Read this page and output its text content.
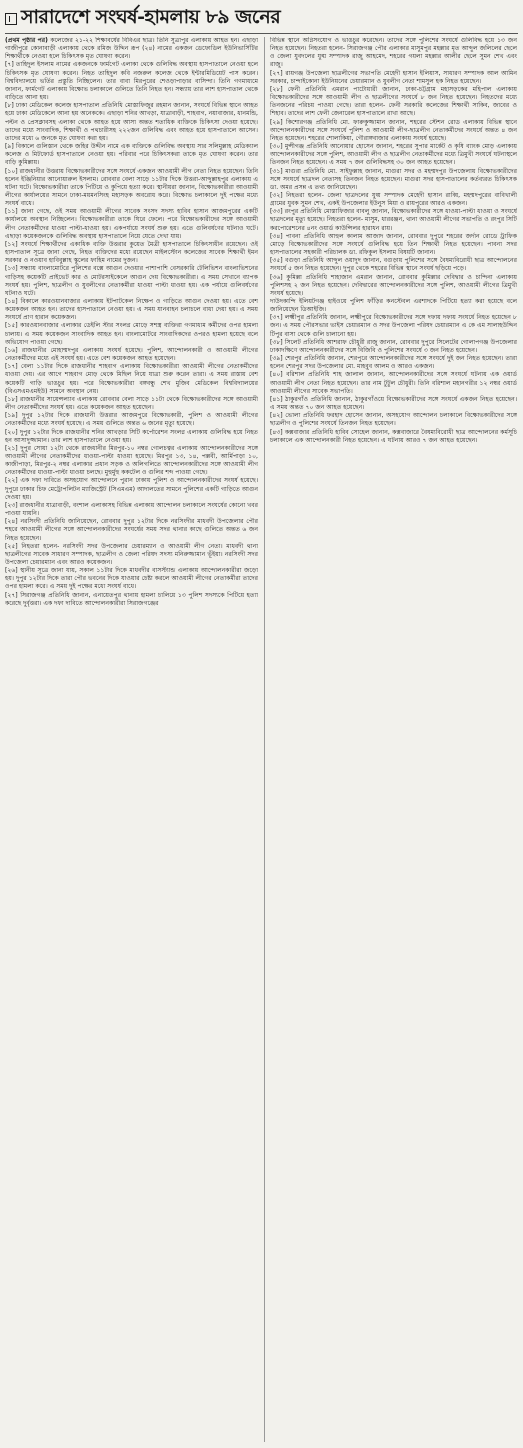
সারাদেশে সংঘর্ষ-হামলায় ৮৯ জনের

(প্রথম পৃষ্ঠার পর) কলেজের ২১-২২ শিক্ষাবর্ষের বিবিএর ছাত্র। তিনি সুত্রাপুর এলাকায় আহত হন। এছাড়া গাজীপুরে কোনাবাড়ী এলাকায় থেকে রমিজ উদ্দিন রূপ (২৪) নামের একজন ডেফোডিল ইউনিভার্সিটির শিক্ষার্থীকে নেওয়া হলে চিকিৎসক মৃত ঘোষণা করেন।

[৭] তাহিদুল ইসলাম নামের একজনকে ফার্মগেট এলাকা থেকে গুলিবিদ্ধ অবস্থায় হাসপাতালে নেওয়া হলে চিকিৎসক মৃত ঘোষণা করেন। নিহত তাহিদুল কবি নজরুল কলেজ থেকে ইন্টারমিডিয়েট পাস করেন। বিশ্ববিদ্যালয়ে ভর্তির প্রস্তুতি নিচ্ছিলেন। তার বাবা মিরপুরের শেওড়াপাড়ার বাসিন্দা। তিনি গণমাধ্যমে জানান, ফার্মগেট এলাকায় বিক্ষোভ চলাকালে গুলিতে তিনি নিহত হন। সন্ধ্যায় তার লাশ হাসপাতাল থেকে বাড়িতে আনা হয়।

[৮] ঢাকা মেডিকেল কলেজ হাসপাতাল প্রতিনিধি মোস্তাফিজুর রহমান জানান, সংঘর্ষে বিভিন্ন স্থানে আহত হয়ে ঢাকা মেডিকেলে আনা হয় অনেককে। এছাড়া শনির আখড়া, যাত্রাবাড়ী, শাহবাগ, নয়াবাজার, ধানমন্ডি, পল্টন ও প্রেসক্লাবসহ এলাকা থেকে আহত হয়ে আসা অন্তত শতাধিক ব্যক্তিকে চিকিৎসা দেওয়া হয়েছে। তাদের মধ্যে সাংবাদিক, শিক্ষার্থী ও পথচারীসহ ২২২জন গুলিবিদ্ধ এবং আহত হয়ে হাসপাতালে আসেন। তাদের মধ্যে ৬ জনকে মৃত ঘোষণা করা হয়।

[৯] বিকালে গুলিস্তান থেকে জহির উদ্দীন নামে এক ব্যক্তিকে গুলিবিদ্ধ অবস্থায় সার সলিমুল্লাহ মেডিক্যাল কলেজ ও মিটফোর্ড হাসপাতালে নেওয়া হয়। পরিবার পরে চিকিৎসকরা তাকে মৃত ঘোষণা করেন। তার বাড়ি কুমিল্লায়।

[১০] রাজধানীর উত্তরায় বিক্ষোভকারীদের সঙ্গে সংঘর্ষে একজন আওয়ামী লীগ নেতা নিহত হয়েছেন। তিনি হলেন ইঞ্জিনিয়ার আনোয়ারুল ইসলাম। রোববার বেলা সাড়ে ১১টার দিকে উত্তরা-আব্দুল্লাহপুর এলাকায় এ ঘটনা ঘটে। বিক্ষোভকারীরা তাকে পিটিয়ে ও কুপিয়ে হত্যা করে। স্থানীয়রা জানান, বিক্ষোভকারীরা আওয়ামী লীগের কার্যালয়ের সামনে ঢাকা-ময়মনসিংহ মহাসড়ক অবরোধ করে। বিক্ষোভ চলাকালে দুই পক্ষের মধ্যে সংঘর্ষ বাধে।

[১১] জানা গেছে, ওই সময় আওয়ামী লীগের সাবেক সংসদ সদস্য হাবিব হাসান আজমপুরের একটি কার্যালয়ে অবস্থান নিচ্ছিলেন। বিক্ষোভকারীরা তাকে ঘিরে ফেলে। পরে বিক্ষোভকারীদের সঙ্গে আওয়ামী লীগ নেতাকর্মীদের ধাওয়া পাল্টা-ধাওয়া হয়। একপর্যায়ে সংঘর্ষ শুরু হয়। এতে গুলিবর্ষণের ঘটনাও ঘটে। এছাড়া কয়েকজনকে গুলিবিদ্ধ অবস্থায় হাসপাতালে নিয়ে যেতে দেখা যায়।

[১২] সংঘর্ষে শিক্ষার্থীদের একাধিক ব্যক্তি উত্তরার কুয়েত মৈত্রী হাসপাতালে চিকিৎসাধীন রয়েছেন। ওই হাসপাতাল সূত্রে জানা গেছে, নিহত ব্যক্তিদের মধ্যে রয়েছেন মাইলস্টোন কলেজের সাবেক শিক্ষার্থী ইমন সরকার ও নওয়াব হাবিবুল্লাহ স্কুলের ফাহিম নামের দুজন।

[১৩] সন্ধ্যায় বাংলামোটরে পুলিশের বক্সে আগুন দেওয়ার পাশাপাশি বেসরকারি টেলিভিশন বাংলাভিশনের গাড়িসহ কয়েকটি প্রাইভেট কার ও মোটরসাইকেলে আগুন দেয় বিক্ষোভকারীরা। এ সময় সেখানে ব্যাপক সংঘর্ষ হয়। পুলিশ, ছাত্রলীগ ও যুবলীগের নেতাকর্মীরা ধাওয়া পাল্টা ধাওয়া হয়। এক পর্যায়ে গুলিবর্ষণের ঘটনাও ঘটে।

[১৪] বিকালে কারওয়ানবাজার এলাকায় ইটপাটকেল নিক্ষেপ ও গাড়িতে আগুন দেওয়া হয়। এতে বেশ কয়েকজন আহত হন। তাদের হাসপাতালে নেওয়া হয়। এ সময় যানবাহন চলাচলে বাধা দেয়া হয়। এ সময় সংঘর্ষে প্রাণ হারান কয়েকজন।

[১৫] কারওয়ানবাজার এলাকার ডেইলি স্টার সংলগ্ন মোড়ে সশস্ত্র ব্যক্তিরা গণমাধ্যম কর্মীদের ওপর হামলা চালায়। এ সময় কয়েকজন সাংবাদিক আহত হন। বাংলামোটরে সাংবাদিকদের ওপরও হামলা হয়েছে বলে অভিযোগ পাওয়া গেছে।

[১৬] রাজধানীর মোহাম্মদপুর এলাকায় সংঘর্ষ হয়েছে। পুলিশ, আন্দোলনকারী ও আওয়ামী লীগের নেতাকর্মীদের মধ্যে এই সংঘর্ষ হয়। এতে বেশ কয়েকজন আহত হয়েছেন।

[১৭] বেলা ১১টার দিকে রাজধানীর শাহবাগ এলাকায় বিক্ষোভকারীরা আওয়ামী লীগের নেতাকর্মীদের ধাওয়া দেয়। এর আগে শাহবাগ মোড় থেকে মিছিল নিয়ে যাত্রা শুরু করেন তারা। এ সময় রাস্তায় বেশ কয়েকটি গাড়ি ভাঙচুর হয়। পরে বিক্ষোভকারীরা বঙ্গবন্ধু শেখ মুজিব মেডিকেল বিশ্ববিদ্যালয়ের (বিএসএমএমইউ) সামনে অবস্থান নেয়।

[১৮] রাজধানীর সায়েন্সল্যাব এলাকায় রোববার বেলা সাড়ে ১১টা থেকে বিক্ষোভকারীদের সঙ্গে আওয়ামী লীগ নেতাকর্মীদের সংঘর্ষ হয়। এতে কয়েকজন আহত হয়েছেন।

[১৯] দুপুর ১২টার দিকে রাজধানী উত্তরার আজমপুরে বিক্ষোভকারী, পুলিশ ও আওয়ামী লীগের নেতাকর্মীদের মধ্যে সংঘর্ষ হয়েছে। এ সময় গুলিতে অন্তত ৬ জনের মৃত্যু হয়েছে।

[২০] দুপুর ১২টার দিকে রাজধানীর শনির আখড়ার সিটি কর্পোরেশন সংলগ্ন এলাকায় গুলিবিদ্ধ হয়ে নিহত হন আসাদুজ্জামান। তার লাশ হাসপাতালে নেওয়া হয়।

[২১] দুপুর সোয়া ১২টা থেকে রাজধানীর মিরপুর-১০ নম্বর গোলচত্বর এলাকায় আন্দোলনকারীদের সঙ্গে আওয়ামী লীগের নেতাকর্মীদের ধাওয়া-পাল্টা ধাওয়া হয়েছে। মিরপুর ১৩, ১৪, পল্লবী, আর্মিপাড়া ১০, কাজীপাড়া, মিরপুর-২ নম্বর এলাকার প্রধান সড়ক ও অলিগলিতে আন্দোলনকারীদের সঙ্গে আওয়ামী লীগ নেতাকর্মীদের ধাওয়া-পাল্টা ধাওয়া চলছে। মুহুর্মুহু ককটেল ও গুলির শব্দ পাওয়া গেছে।

[২২] এক দফা দাবিতে অসহযোগ আন্দোলনে পুরান ঢাকায় পুলিশ ও আন্দোলনকারীদের সংঘর্ষ হয়েছে। দুপুরে ঢাকার চিফ মেট্রোপলিটন ম্যাজিস্ট্রেট (সিএমএম) আদালতের সামনে পুলিশের একটি গাড়িতে আগুন দেওয়া হয়।

[২৩] রাজধানীর যাত্রাবাড়ী, বংশাল এলাকাসহ বিভিন্ন এলাকায় আন্দোলন চলাকালে সংঘর্ষের কোনো খবর পাওয়া যায়নি।

[২৪] নরসিংদী প্রতিনিধি জানিয়েছেন, রোববার দুপুর ১২টার দিকে নরসিংদীর মাধবদী উপজেলার পৌর শহরে আওয়ামী লীগের সঙ্গে আন্দোলনকারীদের সংঘর্ষের সময় সদর থানার কাছে গুলিতে অন্তত ৬ জন নিহত হয়েছেন।

[২৫] নিহতরা হলেন- নরসিংদী সদর উপজেলার চেয়ারম্যান ও আওয়ামী লীগ নেতা। মাধবদী থানা ছাত্রলীগের সাবেক সাধারণ সম্পাদক, ছাত্রলীগ ও জেলা পরিষদ সদস্য মনিরুজ্জামান ভূঁইয়া। নরসিংদী সদর উপজেলা চেয়ারম্যান এবং আরও কয়েকজন।

[২৬] স্থানীয় সূত্রে জানা যায়, সকাল ১১টার দিকে মাধবদীর বাসস্ট্যান্ড এলাকায় আন্দোলনকারীরা জড়ো হয়। দুপুর ১২টার দিকে তারা পৌর ভবনের দিকে যাওয়ার চেষ্টা করলে আওয়ামী লীগের নেতাকর্মীরা তাদের ওপর হামলা করে। এ সময় দুই পক্ষের মধ্যে সংঘর্ষ বাধে।

[২৭] সিরাজগঞ্জ প্রতিনিধি জানান, এনায়েতপুর থানায় হামলা চালিয়ে ১৩ পুলিশ সদস্যকে পিটিয়ে হত্যা করেছে দুর্বৃত্তরা। এক দফা দাবিতে আন্দোলনকারীরা সিরাজগঞ্জের

বিভিন্ন স্থানে অগ্নিসংযোগ ও ভাঙচুর করেছেন। তাদের সঙ্গে পুলিশের সংঘর্ষে গুলিবিদ্ধ হয়ে ১৩ জন নিহত হয়েছেন। নিহতরা হলেন- সিরাজগঞ্জ পৌর এলাকার মাসুমপুর মহল্লার মৃত আব্দুল জলিলের ছেলে ও জেলা যুবদলের যুগ্ম সম্পাদক রাজু আহমেদ, শহরের গয়লা মহল্লার আলীর ছেলে সুমন শেখ এবং রাজু।

[২৭] রায়গঞ্জ উপজেলা ছাত্রলীগের সভাপতি মেহেদী হাসান ইলিয়াস, সাধারণ সম্পাদক আল আমিন সরকার, চান্দাইকোনা ইউনিয়নের চেয়ারম্যান ও যুবলীগ নেতা শামসুল হক নিহত হয়েছেন।

[২৮] ফেনী প্রতিনিধি এমরান পাটোয়ারী জানান, ঢাকা-চট্টগ্রাম মহাসড়কের মহিপাল এলাকায় বিক্ষোভকারীদের সঙ্গে আওয়ামী লীগ ও ছাত্রলীগের সংঘর্ষে ৮ জন নিহত হয়েছেন। নিহতদের মধ্যে তিনজনের পরিচয় পাওয়া গেছে। তারা হলেন- ফেনী সরকারি কলেজের শিক্ষার্থী সাকিব, জাবের ও শিহাব। তাদের লাশ ফেনী জেনারেল হাসপাতালে রাখা আছে।

[২৯] কিশোরগঞ্জ প্রতিনিধি মো. ফারুকুজ্জামান জানান, শহরের স্টেশন রোড এলাকায় বিভিন্ন স্থানে আন্দোলনকারীদের সঙ্গে সংঘর্ষে পুলিশ ও আওয়ামী লীগ-ছাত্রলীগ নেতাকর্মীদের সংঘর্ষে অন্তত ৪ জন নিহত হয়েছেন। শহরের শোলাকিয়া, গৌরাঙ্গবাজার এলাকায় সংঘর্ষ হয়েছে।

[৩০] মুন্সীগঞ্জ প্রতিনিধি আনোয়ার হোসেন জানান, শহরের সুপার মার্কেট ও কৃষি ব্যাংক মোড় এলাকায় আন্দোলনকারীদের সঙ্গে পুলিশ, আওয়ামী লীগ ও ছাত্রলীগ নেতাকর্মীদের মধ্যে ত্রিমুখী সংঘর্ষে ঘটনাস্থলে তিনজন নিহত হয়েছেন। এ সময় ৭ জন গুলিবিদ্ধসহ ৩০ জন আহত হয়েছেন।

[৩১] মাগুরা প্রতিনিধি মো. সাইফুল্লাহ জানান, মাগুরা সদর ও মহম্মদপুর উপজেলায় বিক্ষোভকারীদের সঙ্গে সংঘর্ষে ছাত্রদল নেতাসহ তিনজন নিহত হয়েছেন। মাগুরা সদর হাসপাতালের কর্তব্যরত চিকিৎসক ডা. অমর প্রসন্ন এ তথ্য জানিয়েছেন।

[৩২] নিহতরা হলেন- জেলা ছাত্রদলের যুগ্ম সম্পাদক মেহেদী হাসান রাব্বি, মহম্মদপুরের বাবিখালী গ্রামের যুবক সুমন শেখ, একই উপজেলার ইউনুস মিয়া ও রায়পুরের আরও একজন।

[৩৩] রংপুর প্রতিনিধি মোস্তাফিজার বাবলু জানান, বিক্ষোভকারীদের সঙ্গে ধাওয়া-পাল্টা ধাওয়া ও সংঘর্ষে ছাত্রদলের মৃত্যু হয়েছে। নিহতরা হলেন- মাসুম, ধাররঞ্জন, থানা আওয়ামী লীগের সভাপতি ও রংপুর সিটি করপোরেশনের ৪নং ওয়ার্ড কাউন্সিলর হারাধন রায়।

[৩৪] পাবনা প্রতিনিধি আহুল কালাম আজাদ জানান, রোববার দুপুরে শহরের জর্দান রোডে ট্রাফিক মোড়ে বিক্ষোভকারীদের সঙ্গে সংঘর্ষে গুলিবিদ্ধ হয়ে তিন শিক্ষার্থী নিহত হয়েছেন। পাবনা সদর হাসপাতালের সহকারী পরিচালক ডা. রফিকুল ইসলাম বিষয়টি জানান।

[৩৫] বগুড়া প্রতিনিধি আব্দুল ওয়াদুদ জানান, বগুড়ায় পুলিশের সঙ্গে বৈষম্যবিরোধী ছাত্র আন্দোলনের সংঘর্ষে ৫ জন নিহত হয়েছেন। দুপুর থেকে শহরের বিভিন্ন স্থানে সংঘর্ষ ছড়িয়ে পড়ে।

[৩৬] কুমিল্লা প্রতিনিধি শাহাজান এমরান জানান, রোববার কুমিল্লার দেবিদ্বার ও চান্দিনা এলাকায় পুলিশসহ ২ জন নিহত হয়েছেন। দেবিদ্বারের আন্দোলনকারীদের সঙ্গে পুলিশ, আওয়ামী লীগের ত্রিমুখী সংঘর্ষ হয়েছে।

দাউদকান্দি ইলিয়টগঞ্জ হাইওয়ে পুলিশ ফাঁড়ির কনস্টেবল এরশাদকে পিটিয়ে হত্যা করা হয়েছে বলে জানিয়েছেন ডিআইজি।

[৩৭] লক্ষ্মীপুর প্রতিনিধি জানান, লক্ষ্মীপুরে বিক্ষোভকারীদের সঙ্গে দফায় দফায় সংঘর্ষে নিহত হয়েছেন ৮ জন। এ সময় পৌরসভার ভাইস চেয়ারম্যান ও সদর উপজেলা পরিষদ চেয়ারম্যান এ কে এম সালাহউদ্দিন টিপুর বাসা থেকে গুলি চালানো হয়।

[৩৮] সিলেট প্রতিনিধি আশরাফ চৌধুরী রাজু জানান, রোববার দুপুরে সিলেটের গোলাপগঞ্জ উপজেলার ঢাকাদক্ষিণে আন্দোলনকারীদের সঙ্গে বিজিবি ও পুলিশের সংঘর্ষে ৩ জন নিহত হয়েছেন।

[৩৯] শেরপুর প্রতিনিধি জানান, শেরপুরে আন্দোলনকারীদের সঙ্গে সংঘর্ষে দুই জন নিহত হয়েছেন। তারা হলেন শেরপুর সদর উপজেলার মো. মাহবুব আলম ও আরও একজন।

[৪০] বরিশাল প্রতিনিধি শাহ জালাল জানান, আন্দোলনকারীদের সঙ্গে সংঘর্ষে ঘটনায় এক ওয়ার্ড আওয়ামী লীগ নেতা নিহত হয়েছেন। তার নাম টুটুল চৌধুরী। তিনি বরিশাল মহানগরীর ১২ নম্বর ওয়ার্ড আওয়ামী লীগের সাবেক সভাপতি।

[৪১] ঠাকুরগাঁও প্রতিনিধি জানান, ঠাকুরগাঁওয়ে বিক্ষোভকারীদের সঙ্গে সংঘর্ষে একজন নিহত হয়েছেন। এ সময় অন্তত ৭০ জন আহত হয়েছেন।

[৪২] ভোলা প্রতিনিধি ফরহাদ হোসেন জানান, অসহযোগ আন্দোলন চলাকালে বিক্ষোভকারীদের সঙ্গে ছাত্রলীগ ও পুলিশের সংঘর্ষে তিনজন নিহত হয়েছেন।

[৪৩] কক্সবাজার প্রতিনিধি হাবিব সোহেল জানান, কক্সবাজারে বৈষম্যবিরোধী ছাত্র আন্দোলনের কর্মসূচি চলাকালে এক আন্দোলনকারী নিহত হয়েছেন। এ ঘটনায় আরও ৭ জন আহত হয়েছেন।
